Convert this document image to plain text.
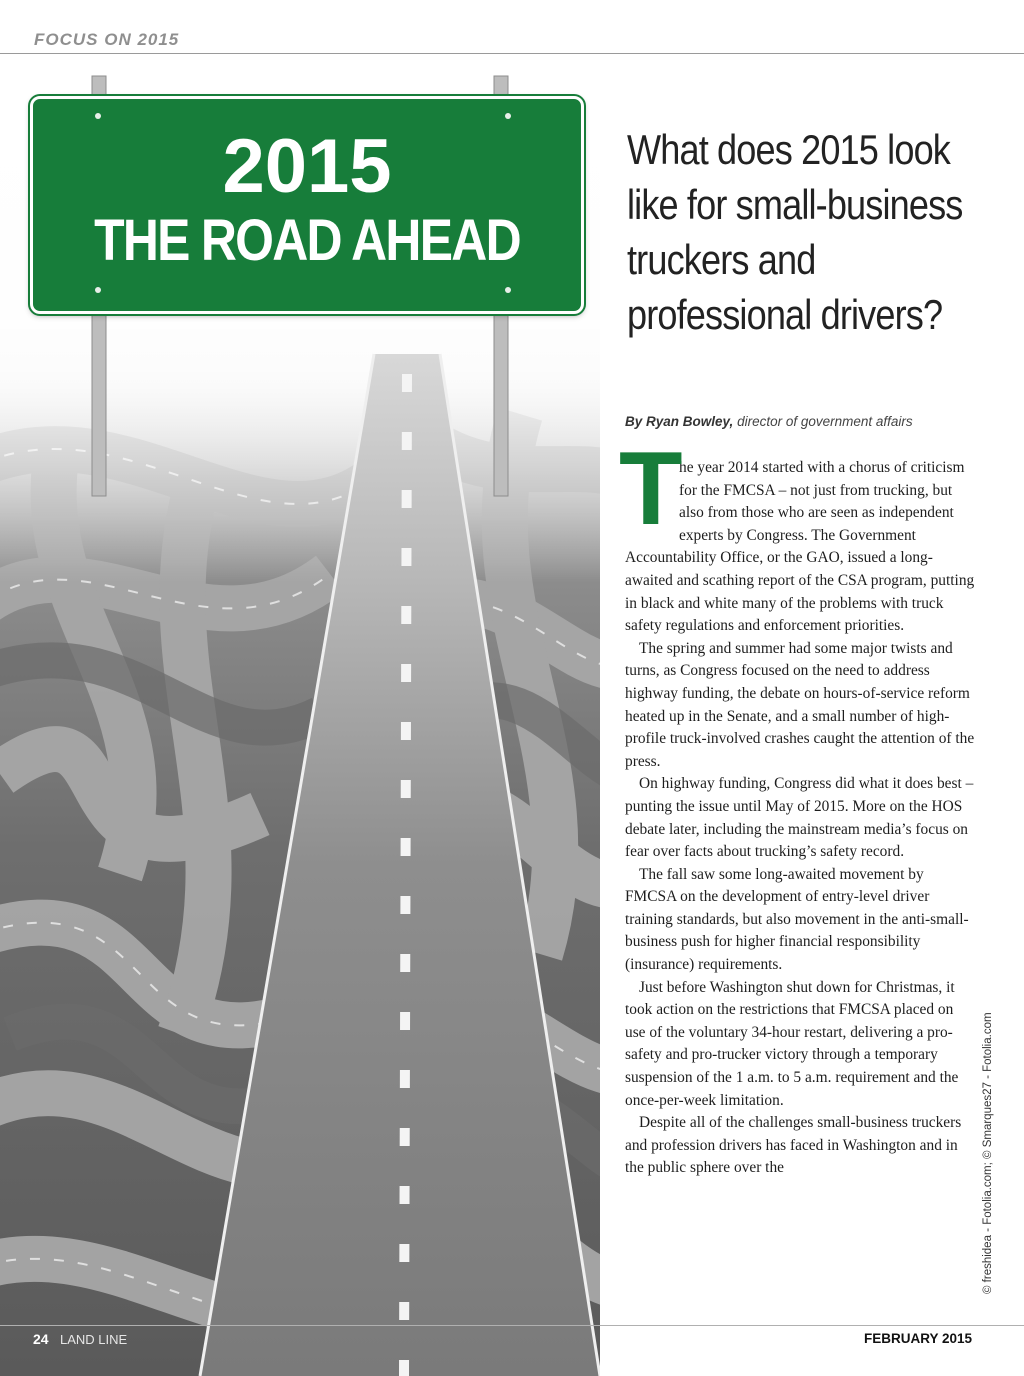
FOCUS ON 2015
2015
THE ROAD AHEAD
What does 2015 look like for small-business truckers and professional drivers?
By Ryan Bowley, director of government affairs
T

he year 2014 started with a chorus of criticism for the FMCSA – not just from trucking, but also from those who are seen as independent experts by Congress. The Government Accountability Office, or the GAO, issued a long-awaited and scathing report of the CSA program, putting in black and white many of the problems with truck safety regulations and enforcement priorities.

The spring and summer had some major twists and turns, as Congress focused on the need to address highway funding, the debate on hours-of-service reform heated up in the Senate, and a small number of high-profile truck-involved crashes caught the attention of the press.

On highway funding, Congress did what it does best – punting the issue until May of 2015. More on the HOS debate later, including the mainstream media’s focus on fear over facts about trucking’s safety record.

The fall saw some long-awaited movement by FMCSA on the development of entry-level driver training standards, but also movement in the anti-small-business push for higher financial responsibility (insurance) requirements.

Just before Washington shut down for Christmas, it took action on the restrictions that FMCSA placed on use of the voluntary 34-hour restart, delivering a pro-safety and pro-trucker victory through a temporary suspension of the 1 a.m. to 5 a.m. requirement and the once-per-week limitation.

Despite all of the challenges small-business truckers and profession drivers has faced in Washington and in the public sphere over the	© freshidea - Fotolia.com; © Smarques27 - Fotolia.com
24 LAND LINE	FEBRUARY 2015
